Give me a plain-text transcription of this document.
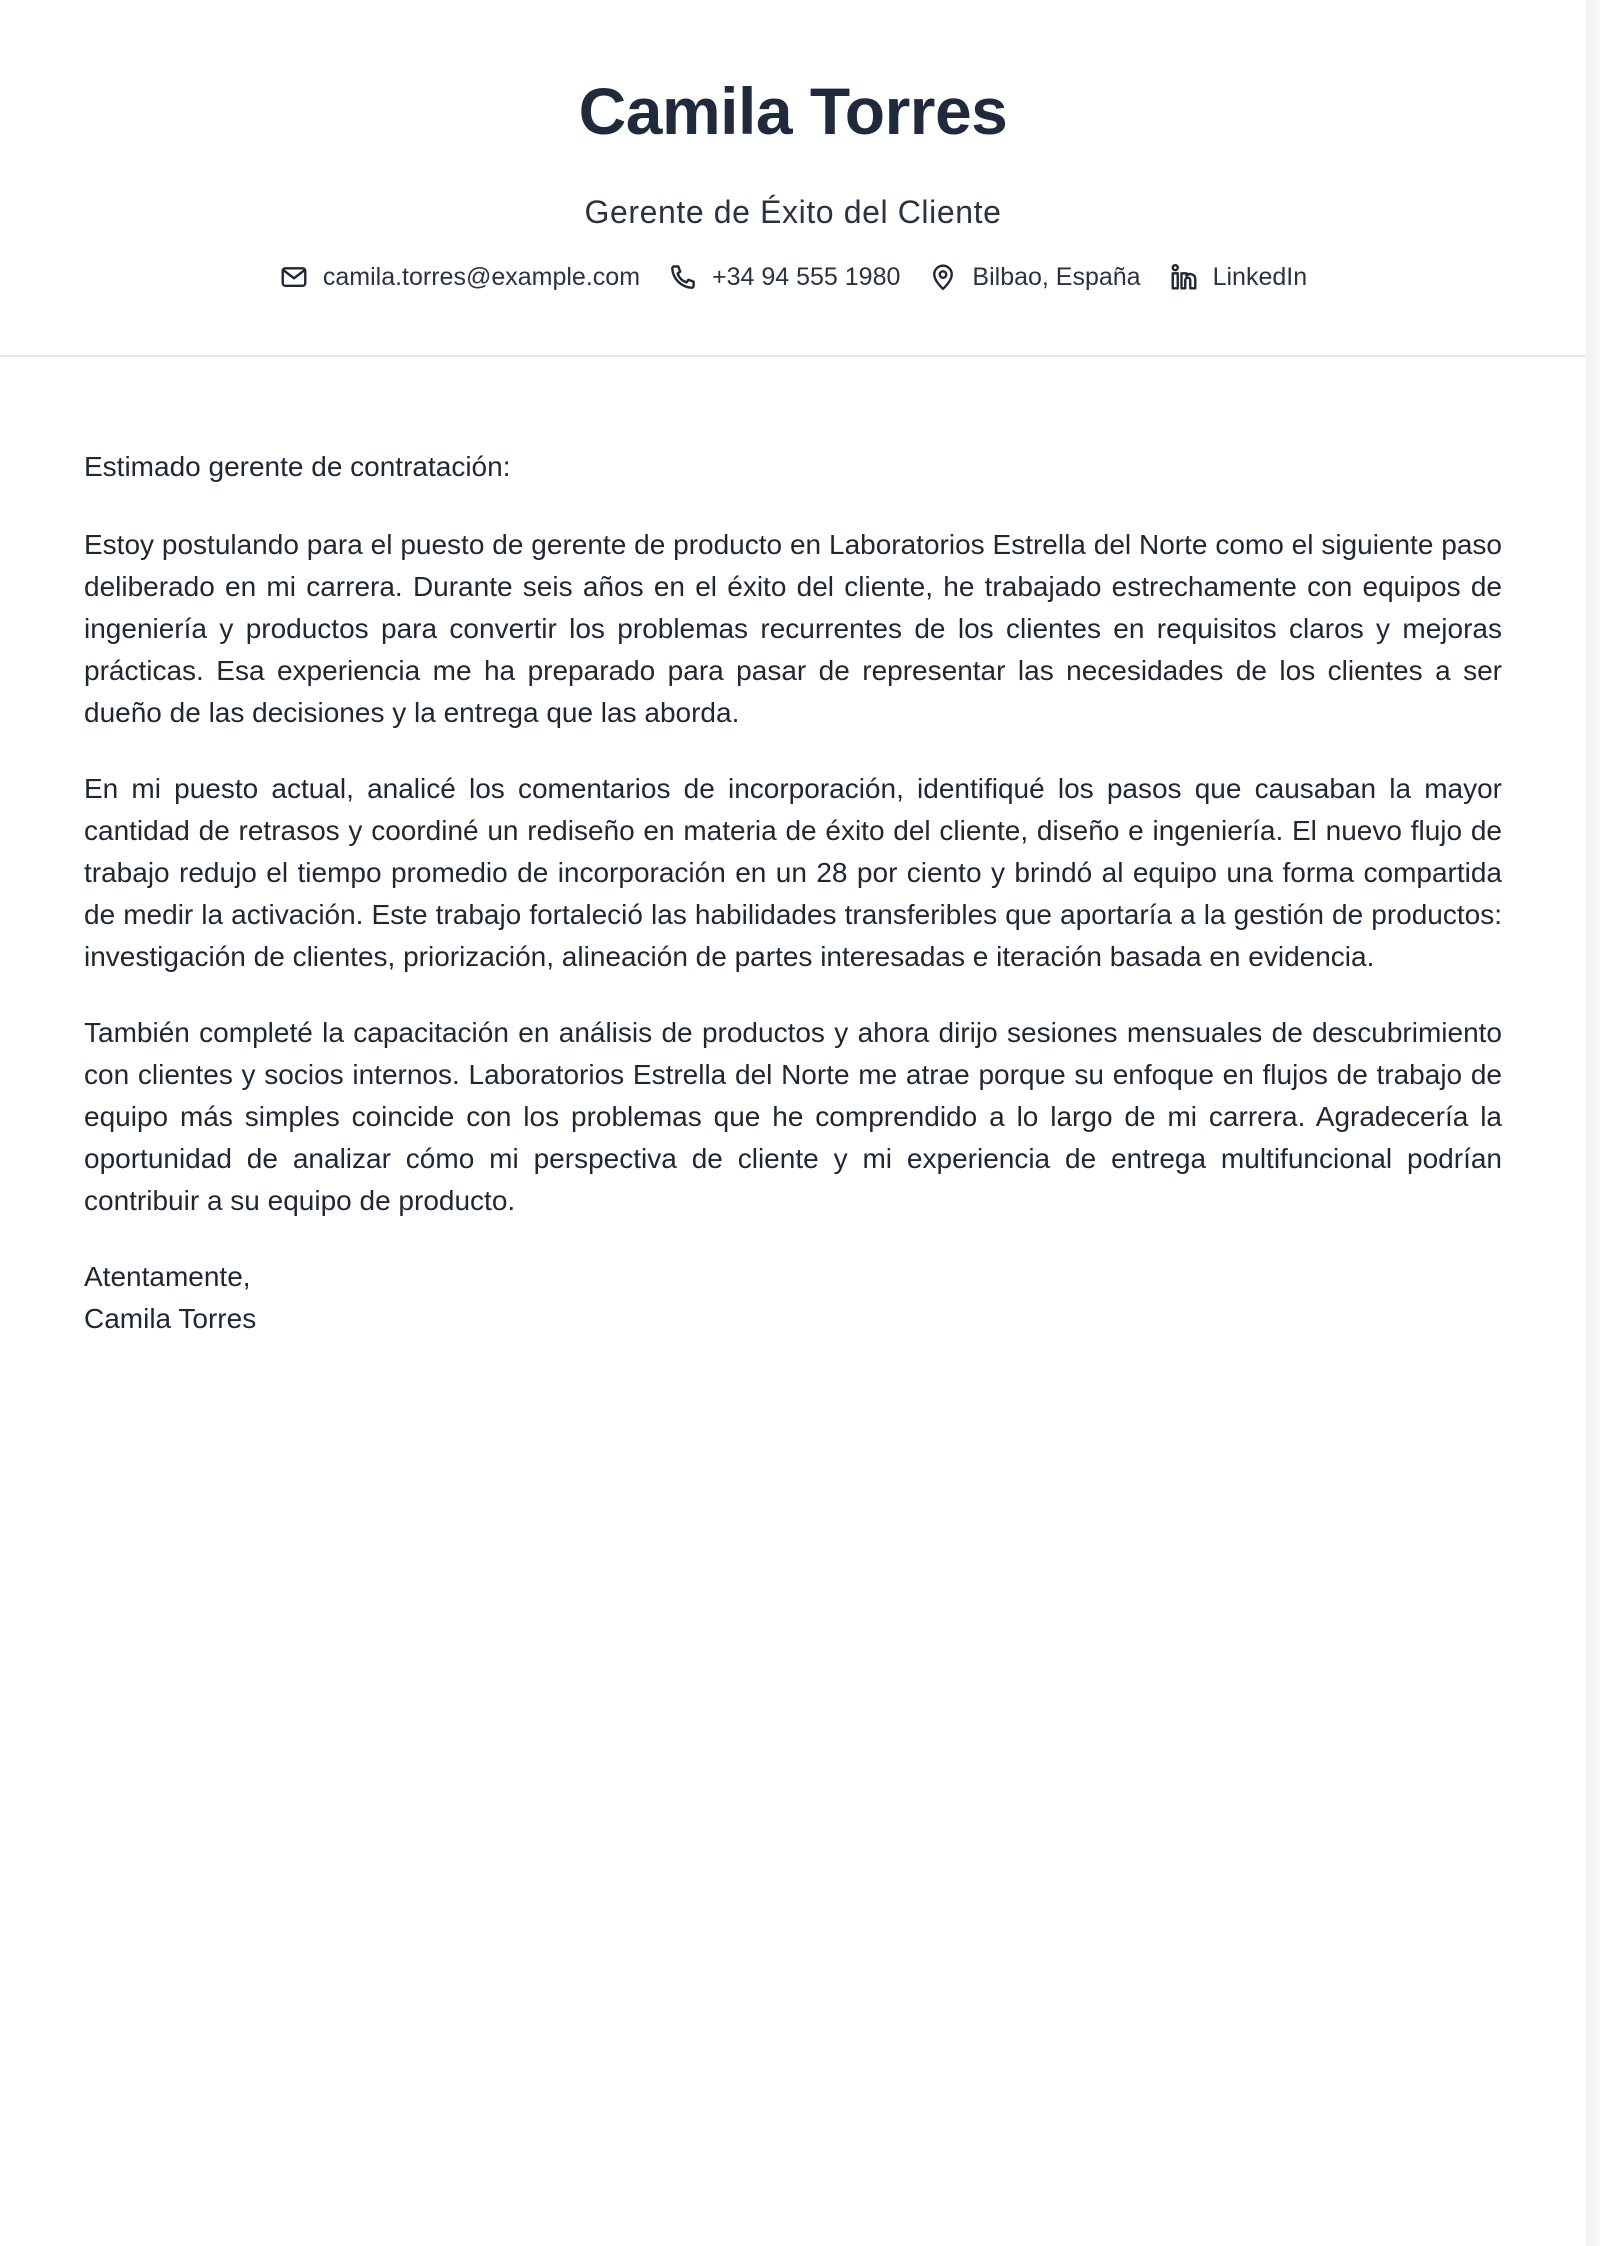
Camila Torres
Gerente de Éxito del Cliente
camila.torres@example.com	+34 94 555 1980	Bilbao, España	LinkedIn

Estimado gerente de contratación:

Estoy postulando para el puesto de gerente de producto en Laboratorios Estrella del Norte como el siguiente paso deliberado en mi carrera. Durante seis años en el éxito del cliente, he trabajado estrechamente con equipos de ingeniería y productos para convertir los problemas recurrentes de los clientes en requisitos claros y mejoras prácticas. Esa experiencia me ha preparado para pasar de representar las necesidades de los clientes a ser dueño de las decisiones y la entrega que las aborda.

En mi puesto actual, analicé los comentarios de incorporación, identifiqué los pasos que causaban la mayor cantidad de retrasos y coordiné un rediseño en materia de éxito del cliente, diseño e ingeniería. El nuevo flujo de trabajo redujo el tiempo promedio de incorporación en un 28 por ciento y brindó al equipo una forma compartida de medir la activación. Este trabajo fortaleció las habilidades transferibles que aportaría a la gestión de productos: investigación de clientes, priorización, alineación de partes interesadas e iteración basada en evidencia.

También completé la capacitación en análisis de productos y ahora dirijo sesiones mensuales de descubrimiento con clientes y socios internos. Laboratorios Estrella del Norte me atrae porque su enfoque en flujos de trabajo de equipo más simples coincide con los problemas que he comprendido a lo largo de mi carrera. Agradecería la oportunidad de analizar cómo mi perspectiva de cliente y mi experiencia de entrega multifuncional podrían contribuir a su equipo de producto.

Atentamente,
Camila Torres
